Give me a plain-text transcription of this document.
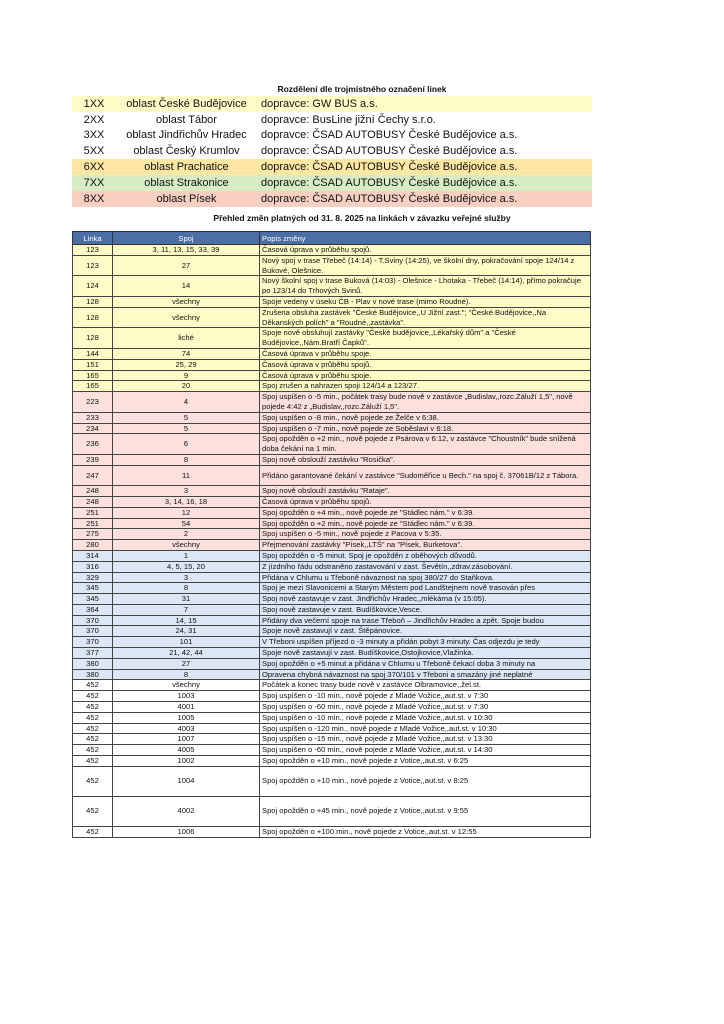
Rozdělení dle trojmístného označení linek
1XX	oblast České Budějovice	dopravce: GW BUS a.s.
2XX	oblast Tábor	dopravce: BusLine jižní Čechy s.r.o.
3XX	oblast Jindřichův Hradec	dopravce: ČSAD AUTOBUSY České Budějovice a.s.
5XX	oblast Český Krumlov	dopravce: ČSAD AUTOBUSY České Budějovice a.s.
6XX	oblast Prachatice	dopravce: ČSAD AUTOBUSY České Budějovice a.s.
7XX	oblast Strakonice	dopravce: ČSAD AUTOBUSY České Budějovice a.s.
8XX	oblast Písek	dopravce: ČSAD AUTOBUSY České Budějovice a.s.
Přehled změn platných od 31. 8. 2025 na linkách v závazku veřejné služby
Linka	Spoj	Popis změny
123	3, 11, 13, 15, 33, 39	Časová úprava v průběhu spojů.
123	27	Nový spoj v trase Třebeč (14:14) - T.Sviny (14:25), ve školní dny, pokračování spoje 124/14 z Bukové, Olešnice.
124	14	Nový školní spoj v trase Buková (14:03) - Olešnice - Lhotaka - Třebeč (14:14), přímo pokračuje po 123/14 do Trhových Svinů.
128	všechny	Spoje vedeny v úseku ČB - Plav v nové trase (mimo Roudné).
128	všechny	Zrušena obsluha zastávek "České Budějovice,,U Jižní zast."; "České Budějovice,,Na Děkanských polích" a "Roudné,,zastávka".
128	liché	Spoje nově obsluhují zastávky "České budějovice,,Lékařský dům" a "České Budějovice,,Nám.Bratří Čapků".
144	74	Časová úprava v průběhu spoje.
151	25, 29	Časová úprava v průběhu spojů.
165	9	Časová úprava v průběhu spoje.
165	20	Spoj zrušen a nahrazen spoji 124/14 a 123/27.
223	4	Spoj uspíšen o -5 min., počátek trasy bude nově v zastávce „Budislav,,rozc.Záluží 1,5", nově pojede 4:42 z „Budislav,,rozc.Záluží 1,5".
233	5	Spoj uspíšen o -8 min., nově pojede ze Želče v 6:38.
234	5	Spoj uspíšen o -7 min., nově pojede ze Soběslavi v 6:18.
236	6	Spoj opožděn o +2 min., nově pojede z Psárova v 6:12, v zastávce "Choustník" bude snížená doba čekání na 1 min.
239	8	Spoj nově obslouží zastávku "Rosička".
247	11	Přidáno garantované čekání v zastávce "Sudoměřice u Bech." na spoj č. 37061B/12 z Tábora.
248	3	Spoj nově obslouží zastávku "Rataje".
248	3, 14, 16, 18	Časová úprava v průběhu spojů.
251	12	Spoj opožděn o +4 min., nově pojede ze "Stádlec nám." v 6:39.
251	54	Spoj opožděn o +2 min., nově pojede ze "Stádlec nám." v 6:39.
275	2	Spoj uspíšen o -5 min., nově pojede z Pacova v 5:35.
280	všechny	Přejmenování zastávky "Písek,,LTŠ" na "Písek, Burketova".
314	1	Spoj opožděn o -5 minut. Spoj je opožděn z oběhových důvodů.
316	4, 5, 15, 20	Z jízdního řádu odstraněno zastavování v zast. Ševětín,,zdrav.zásobování.
329	3	Přidána v Chlumu u Třeboně návaznost na spoj 380/27 do Staňkova.
345	8	Spoj je mezi Slavonicemi a Starým Městem pod Landštejnem nově trasován přes
345	31	Spoj nově zastavuje v zast. Jindřichův Hradec,,mlékárna (v 15:05).
364	7	Spoj nově zastavuje v zast. Budíškovice,Vesce.
370	14, 15	Přidány dva večerní spoje na trase Třeboň – Jindřichův Hradec a zpět. Spoje budou
370	24, 31	Spoje nově zastavují v zast. Štěpánovice.
370	101	V Třeboni uspíšen příjezd o -3 minuty a přidán pobyt 3 minuty. Čas odjezdu je tedy
377	21, 42, 44	Spoje nově zastavují v zast. Budíškovice,Ostojkovice,Vlažinka.
380	27	Spoj opožděn o +5 minut a přidána v Chlumu u Třeboně čekací doba 3 minuty na
380	8	Opravena chybná návaznost na spoj 370/101 v Třeboni a smazány jiné neplatné
452	všechny	Počátek a konec trasy bude nově v zastávce Olbramovice,,žel.st.
452	1003	Spoj uspíšen o -10 min., nově pojede z Mladé Vožice,,aut.st. v 7:30
452	4001	Spoj uspíšen o -60 min., nově pojede z Mladé Vožice,,aut.st. v 7:30
452	1005	Spoj uspíšen o -10 min., nově pojede z Mladé Vožice,,aut.st. v 10:30
452	4003	Spoj uspíšen o -120 min., nově pojede z Mladé Vožice,,aut.st. v 10:30
452	1007	Spoj uspíšen o -15 min., nově pojede z Mladé Vožice,,aut.st. v 13:30
452	4005	Spoj uspíšen o -60 min., nově pojede z Mladé Vožice,,aut.st. v 14:30
452	1002	Spoj opožděn o +10 min., nově pojede z Votice,,aut.st. v 6:25
452	1004	Spoj opožděn o +10 min., nově pojede z Votice,,aut.st. v 8:25
452	4002	Spoj opožděn o +45 min., nově pojede z Votice,,aut.st. v 9:55
452	1006	Spoj opožděn o +100 min., nově pojede z Votice,,aut.st. v 12:55
